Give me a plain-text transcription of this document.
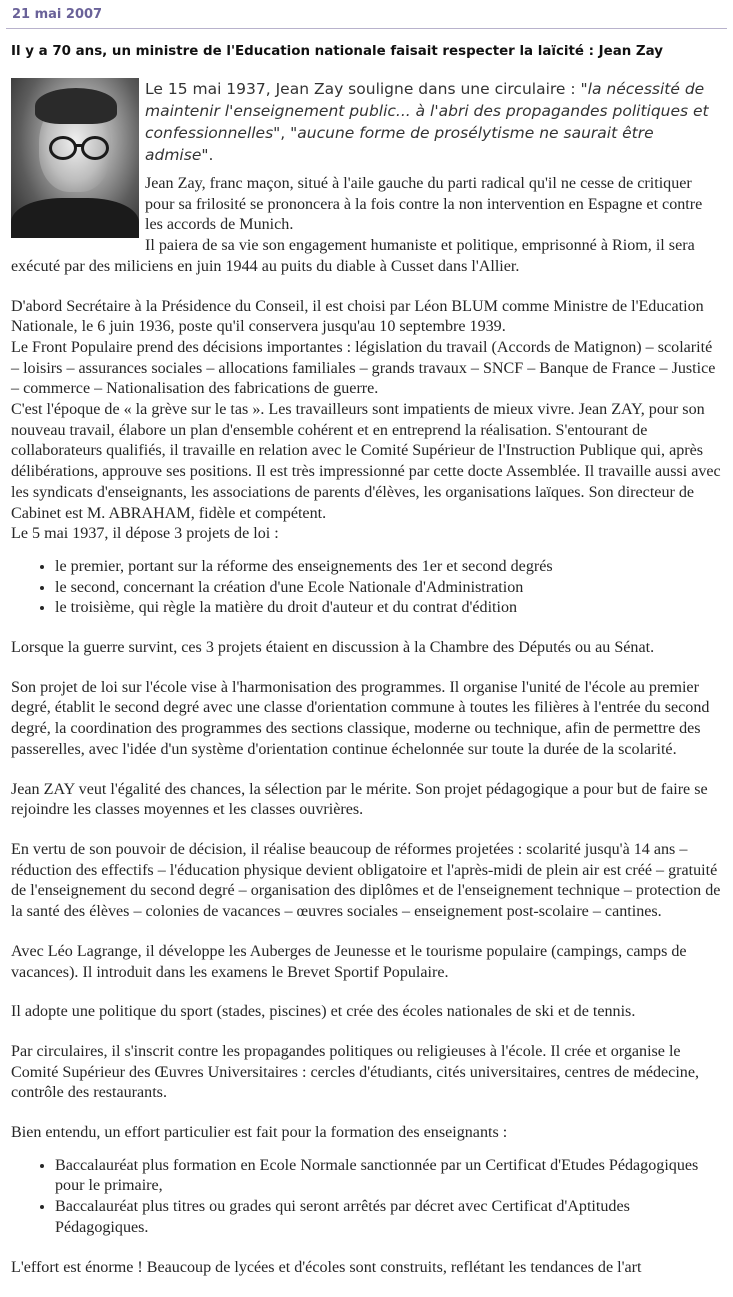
21 mai 2007
Il y a 70 ans, un ministre de l'Education nationale faisait respecter la laïcité : Jean Zay
Le 15 mai 1937, Jean Zay souligne dans une circulaire : "la nécessité de maintenir l'enseignement public... à l'abri des propagandes politiques et confessionnelles", "aucune forme de prosélytisme ne saurait être admise".

Jean Zay, franc maçon, situé à l'aile gauche du parti radical qu'il ne cesse de critiquer pour sa frilosité se prononcera à la fois contre la non intervention en Espagne et contre les accords de Munich.
Il paiera de sa vie son engagement humaniste et politique, emprisonné à Riom, il sera exécuté par des miliciens en juin 1944 au puits du diable à Cusset dans l'Allier.

D'abord Secrétaire à la Présidence du Conseil, il est choisi par Léon BLUM comme Ministre de l'Education Nationale, le 6 juin 1936, poste qu'il conservera jusqu'au 10 septembre 1939.
Le Front Populaire prend des décisions importantes : législation du travail (Accords de Matignon) – scolarité – loisirs – assurances sociales – allocations familiales – grands travaux – SNCF – Banque de France – Justice – commerce – Nationalisation des fabrications de guerre.
C'est l'époque de « la grève sur le tas ». Les travailleurs sont impatients de mieux vivre. Jean ZAY, pour son nouveau travail, élabore un plan d'ensemble cohérent et en entreprend la réalisation. S'entourant de collaborateurs qualifiés, il travaille en relation avec le Comité Supérieur de l'Instruction Publique qui, après délibérations, approuve ses positions. Il est très impressionné par cette docte Assemblée. Il travaille aussi avec les syndicats d'enseignants, les associations de parents d'élèves, les organisations laïques. Son directeur de Cabinet est M. ABRAHAM, fidèle et compétent.
Le 5 mai 1937, il dépose 3 projets de loi :

• le premier, portant sur la réforme des enseignements des 1er et second degrés
• le second, concernant la création d'une Ecole Nationale d'Administration
• le troisième, qui règle la matière du droit d'auteur et du contrat d'édition

Lorsque la guerre survint, ces 3 projets étaient en discussion à la Chambre des Députés ou au Sénat.

Son projet de loi sur l'école vise à l'harmonisation des programmes. Il organise l'unité de l'école au premier degré, établit le second degré avec une classe d'orientation commune à toutes les filières à l'entrée du second degré, la coordination des programmes des sections classique, moderne ou technique, afin de permettre des passerelles, avec l'idée d'un système d'orientation continue échelonnée sur toute la durée de la scolarité.

Jean ZAY veut l'égalité des chances, la sélection par le mérite. Son projet pédagogique a pour but de faire se rejoindre les classes moyennes et les classes ouvrières.

En vertu de son pouvoir de décision, il réalise beaucoup de réformes projetées : scolarité jusqu'à 14 ans – réduction des effectifs – l'éducation physique devient obligatoire et l'après-midi de plein air est créé – gratuité de l'enseignement du second degré – organisation des diplômes et de l'enseignement technique – protection de la santé des élèves – colonies de vacances – œuvres sociales – enseignement post-scolaire – cantines.

Avec Léo Lagrange, il développe les Auberges de Jeunesse et le tourisme populaire (campings, camps de vacances). Il introduit dans les examens le Brevet Sportif Populaire.

Il adopte une politique du sport (stades, piscines) et crée des écoles nationales de ski et de tennis.

Par circulaires, il s'inscrit contre les propagandes politiques ou religieuses à l'école. Il crée et organise le Comité Supérieur des Œuvres Universitaires : cercles d'étudiants, cités universitaires, centres de médecine, contrôle des restaurants.

Bien entendu, un effort particulier est fait pour la formation des enseignants :

• Baccalauréat plus formation en Ecole Normale sanctionnée par un Certificat d'Etudes Pédagogiques pour le primaire,
• Baccalauréat plus titres ou grades qui seront arrêtés par décret avec Certificat d'Aptitudes Pédagogiques.

L'effort est énorme ! Beaucoup de lycées et d'écoles sont construits, reflétant les tendances de l'art
